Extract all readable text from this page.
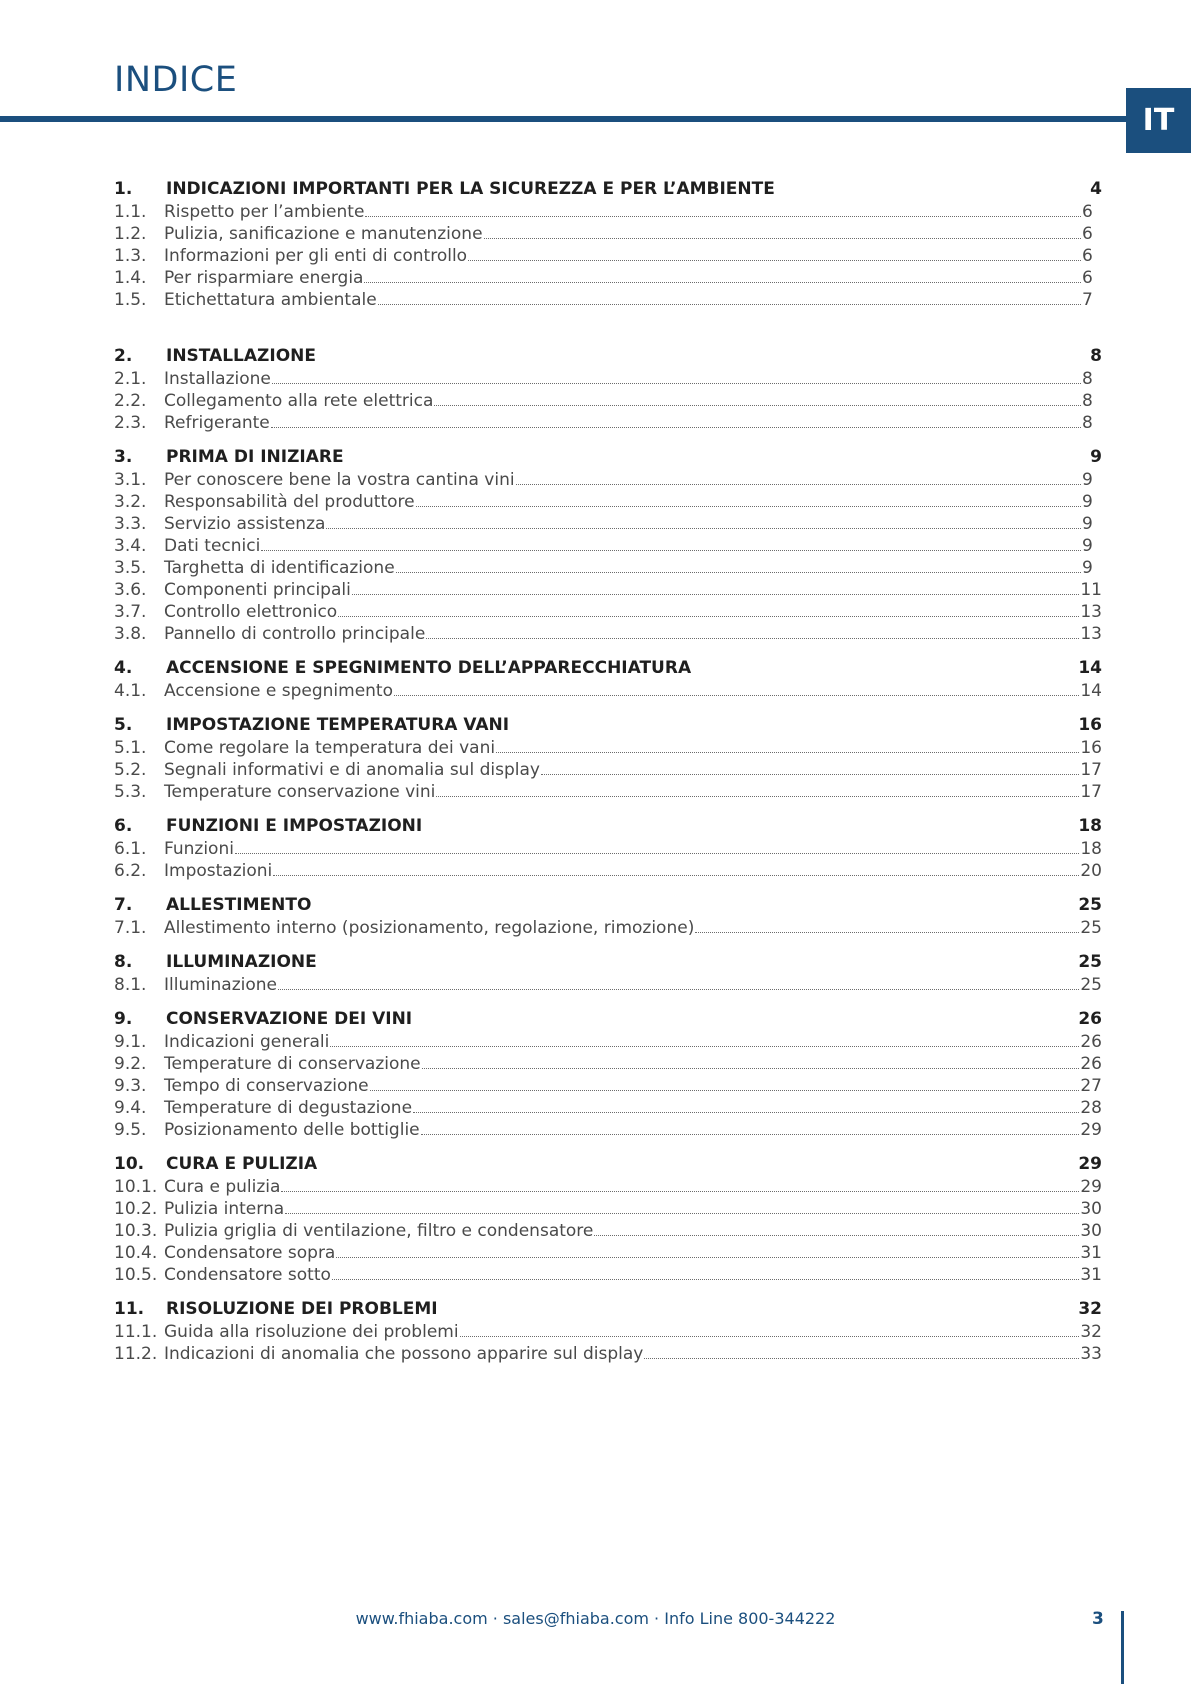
INDICE
IT
1.	INDICAZIONI IMPORTANTI PER LA SICUREZZA E PER L’AMBIENTE	4
1.1.	Rispetto per l’ambiente	6
1.2.	Pulizia, sanificazione e manutenzione	6
1.3.	Informazioni per gli enti di controllo	6
1.4.	Per risparmiare energia	6
1.5.	Etichettatura ambientale	7
2.	INSTALLAZIONE	8
2.1.	Installazione	8
2.2.	Collegamento alla rete elettrica	8
2.3.	Refrigerante	8
3.	PRIMA DI INIZIARE	9
3.1.	Per conoscere bene la vostra cantina vini	9
3.2.	Responsabilità del produttore	9
3.3.	Servizio assistenza	9
3.4.	Dati tecnici	9
3.5.	Targhetta di identificazione	9
3.6.	Componenti principali	11
3.7.	Controllo elettronico	13
3.8.	Pannello di controllo principale	13
4.	ACCENSIONE E SPEGNIMENTO DELL’APPARECCHIATURA	14
4.1.	Accensione e spegnimento	14
5.	IMPOSTAZIONE TEMPERATURA VANI	16
5.1.	Come regolare la temperatura dei vani	16
5.2.	Segnali informativi e di anomalia sul display	17
5.3.	Temperature conservazione vini	17
6.	FUNZIONI E IMPOSTAZIONI	18
6.1.	Funzioni	18
6.2.	Impostazioni	20
7.	ALLESTIMENTO	25
7.1.	Allestimento interno (posizionamento, regolazione, rimozione)	25
8.	ILLUMINAZIONE	25
8.1.	Illuminazione	25
9.	CONSERVAZIONE DEI VINI	26
9.1.	Indicazioni generali	26
9.2.	Temperature di conservazione	26
9.3.	Tempo di conservazione	27
9.4.	Temperature di degustazione	28
9.5.	Posizionamento delle bottiglie	29
10.	CURA E PULIZIA	29
10.1. Cura e pulizia	29
10.2. Pulizia interna	30
10.3. Pulizia griglia di ventilazione, filtro e condensatore	30
10.4. Condensatore sopra	31
10.5. Condensatore sotto	31
11.	RISOLUZIONE DEI PROBLEMI	32
11.1. Guida alla risoluzione dei problemi	32
11.2. Indicazioni di anomalia che possono apparire sul display	33
www.fhiaba.com · sales@fhiaba.com · Info Line 800-344222	3
